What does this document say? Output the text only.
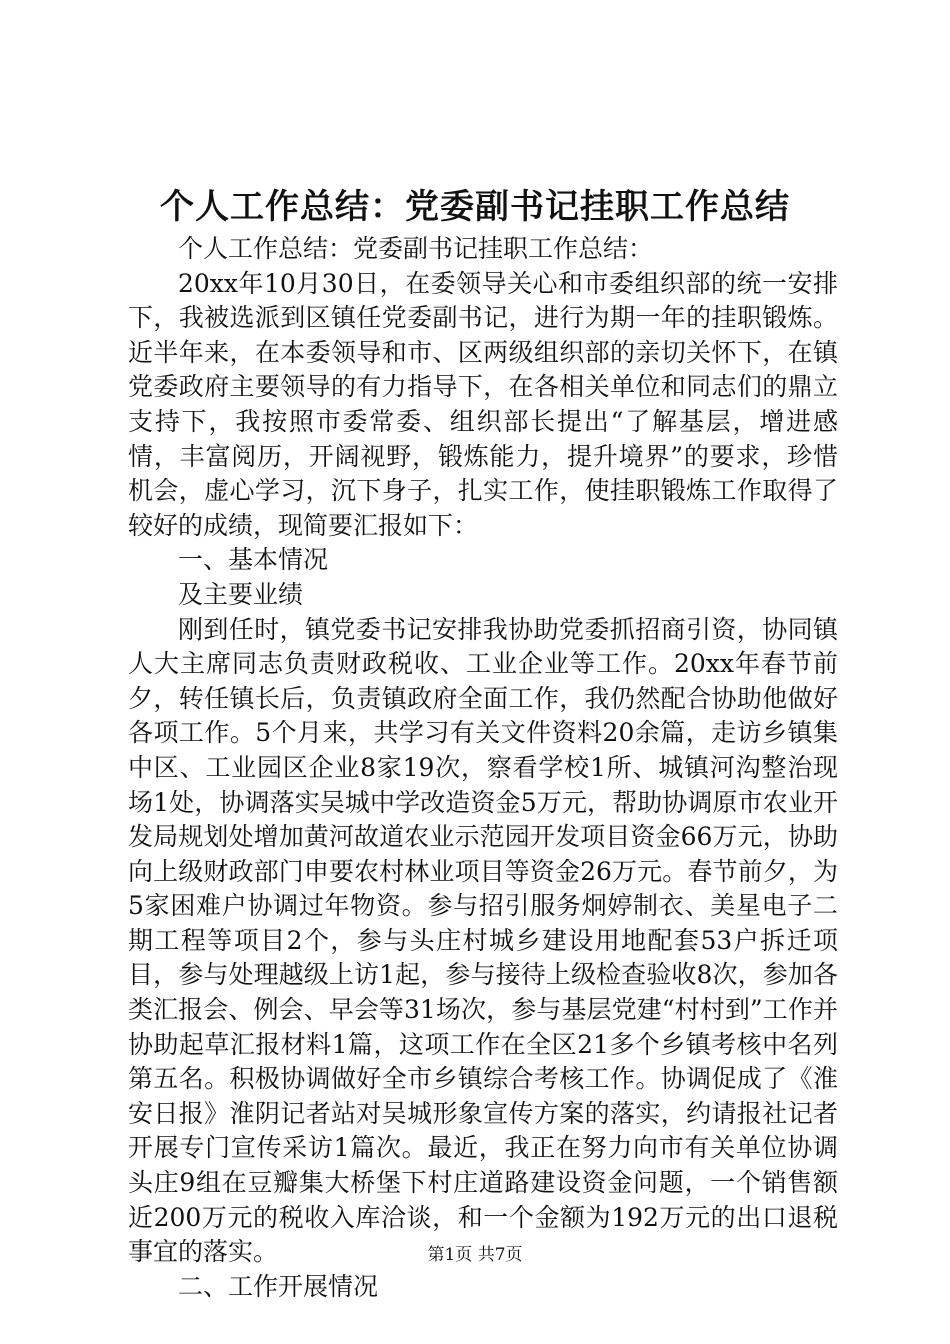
个人工作总结：党委副书记挂职工作总结

个人工作总结：党委副书记挂职工作总结：

20xx年10月30日，在委领导关心和市委组织部的统一安排下，我被选派到区镇任党委副书记，进行为期一年的挂职锻炼。近半年来，在本委领导和市、区两级组织部的亲切关怀下，在镇党委政府主要领导的有力指导下，在各相关单位和同志们的鼎立支持下，我按照市委常委、组织部长提出“了解基层，增进感情，丰富阅历，开阔视野，锻炼能力，提升境界”的要求，珍惜机会，虚心学习，沉下身子，扎实工作，使挂职锻炼工作取得了较好的成绩，现简要汇报如下：

一、基本情况

及主要业绩

刚到任时，镇党委书记安排我协助党委抓招商引资，协同镇人大主席同志负责财政税收、工业企业等工作。20xx年春节前夕，转任镇长后，负责镇政府全面工作，我仍然配合协助他做好各项工作。5个月来，共学习有关文件资料20余篇，走访乡镇集中区、工业园区企业8家19次，察看学校1所、城镇河沟整治现场1处，协调落实吴城中学改造资金5万元，帮助协调原市农业开发局规划处增加黄河故道农业示范园开发项目资金66万元，协助向上级财政部门申要农村林业项目等资金26万元。春节前夕，为5家困难户协调过年物资。参与招引服务炯婷制衣、美星电子二期工程等项目2个，参与头庄村城乡建设用地配套53户拆迁项目，参与处理越级上访1起，参与接待上级检查验收8次，参加各类汇报会、例会、早会等31场次，参与基层党建“村村到”工作并协助起草汇报材料1篇，这项工作在全区21多个乡镇考核中名列第五名。积极协调做好全市乡镇综合考核工作。协调促成了《淮安日报》淮阴记者站对吴城形象宣传方案的落实，约请报社记者开展专门宣传采访1篇次。最近，我正在努力向市有关单位协调头庄9组在豆瓣集大桥堡下村庄道路建设资金问题，一个销售额近200万元的税收入库洽谈，和一个金额为192万元的出口退税事宜的落实。

二、工作开展情况

第1页 共7页
